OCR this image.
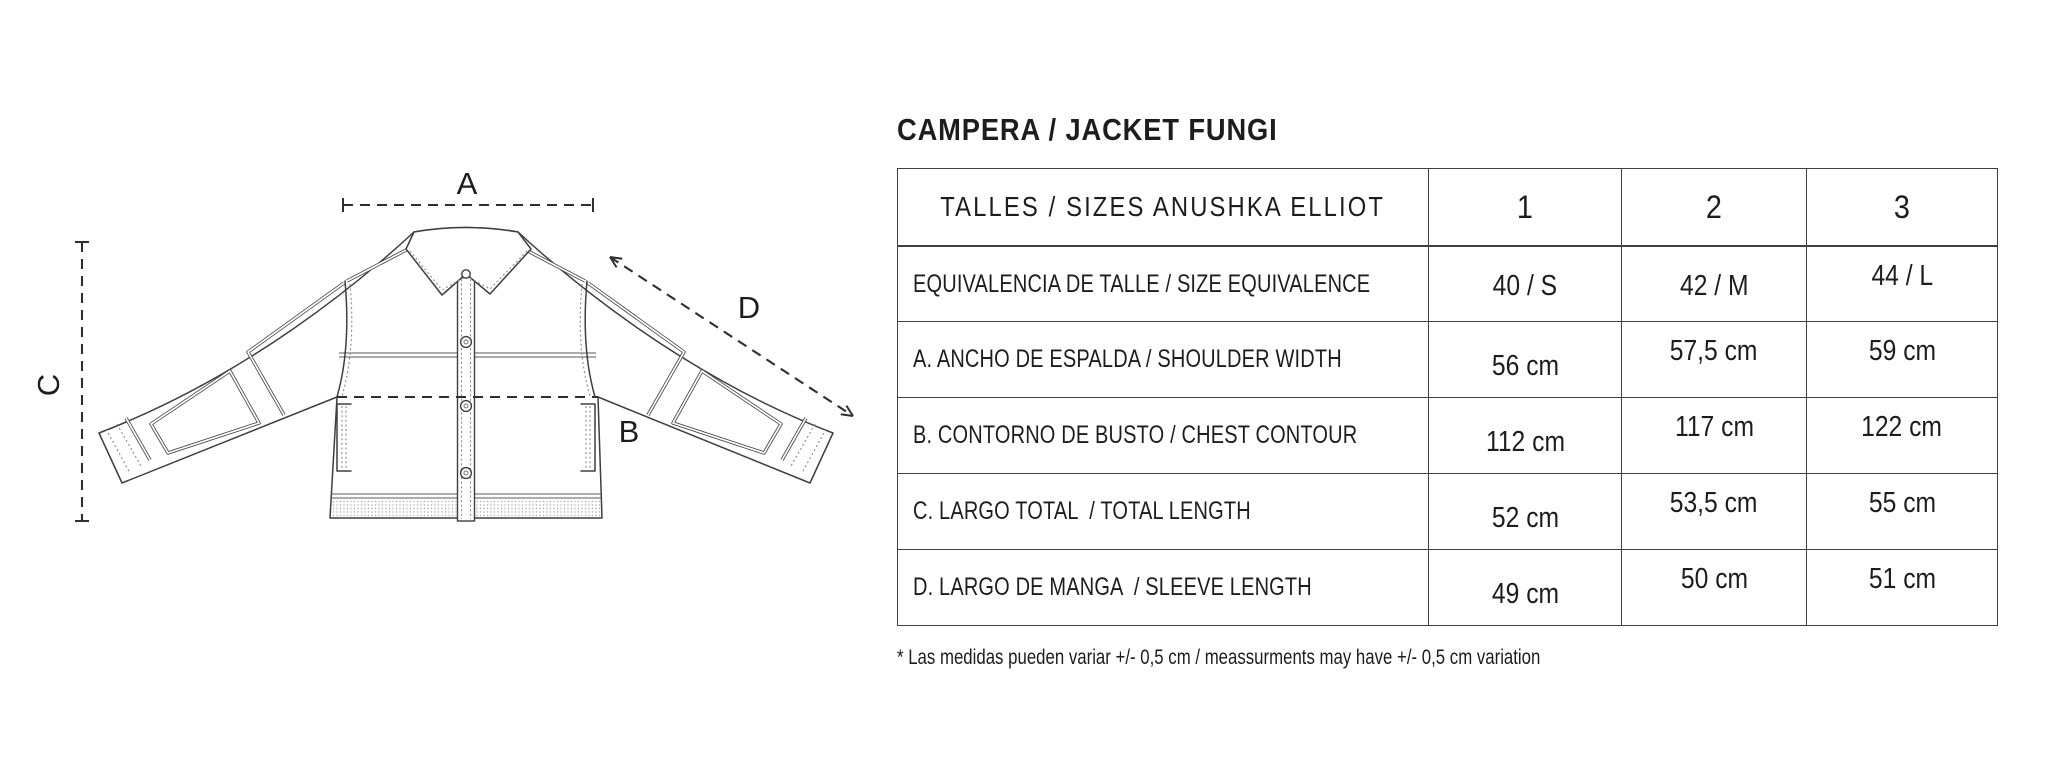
B
A
C
D
CAMPERA / JACKET FUNGI
TALLES / SIZES ANUSHKA ELLIOT	1	2	3
EQUIVALENCIA DE TALLE / SIZE EQUIVALENCE	40 / S	42 / M	44 / L
A. ANCHO DE ESPALDA / SHOULDER WIDTH	56 cm	57,5 cm	59 cm
B. CONTORNO DE BUSTO / CHEST CONTOUR	112 cm	117 cm	122 cm
C. LARGO TOTAL  / TOTAL LENGTH	52 cm	53,5 cm	55 cm
D. LARGO DE MANGA  / SLEEVE LENGTH	49 cm	50 cm	51 cm
* Las medidas pueden variar +/- 0,5 cm / meassurments may have +/- 0,5 cm variation
